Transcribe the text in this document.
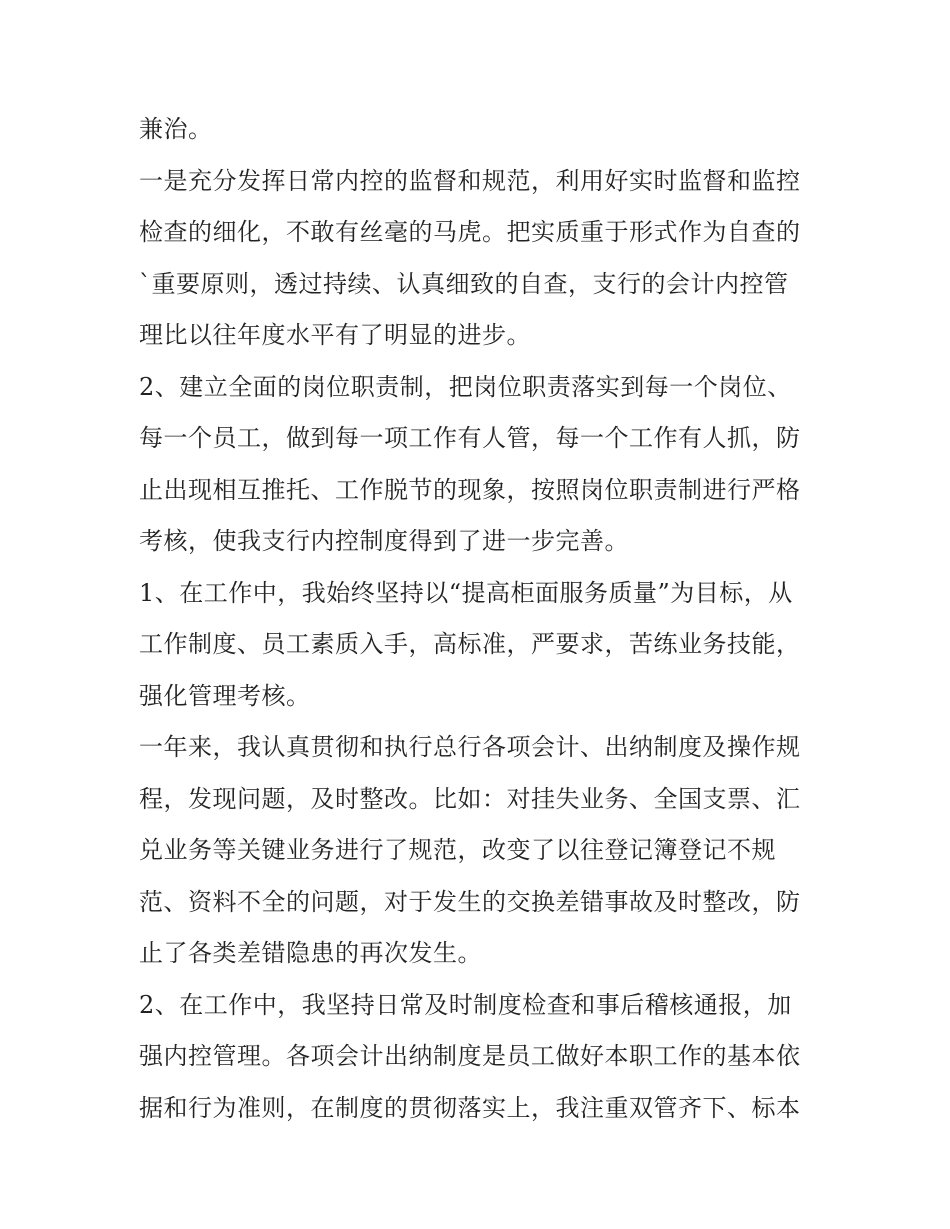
兼治。
一是充分发挥日常内控的监督和规范，利用好实时监督和监控
检查的细化，不敢有丝毫的马虎。把实质重于形式作为自查的
`重要原则，透过持续、认真细致的自查，支行的会计内控管
理比以往年度水平有了明显的进步。
2、建立全面的岗位职责制，把岗位职责落实到每一个岗位、
每一个员工，做到每一项工作有人管，每一个工作有人抓，防
止出现相互推托、工作脱节的现象，按照岗位职责制进行严格
考核，使我支行内控制度得到了进一步完善。
1、在工作中，我始终坚持以“提高柜面服务质量”为目标，从
工作制度、员工素质入手，高标准，严要求，苦练业务技能，
强化管理考核。
一年来，我认真贯彻和执行总行各项会计、出纳制度及操作规
程，发现问题，及时整改。比如：对挂失业务、全国支票、汇
兑业务等关键业务进行了规范，改变了以往登记簿登记不规
范、资料不全的问题，对于发生的交换差错事故及时整改，防
止了各类差错隐患的再次发生。
2、在工作中，我坚持日常及时制度检查和事后稽核通报，加
强内控管理。各项会计出纳制度是员工做好本职工作的基本依
据和行为准则，在制度的贯彻落实上，我注重双管齐下、标本
